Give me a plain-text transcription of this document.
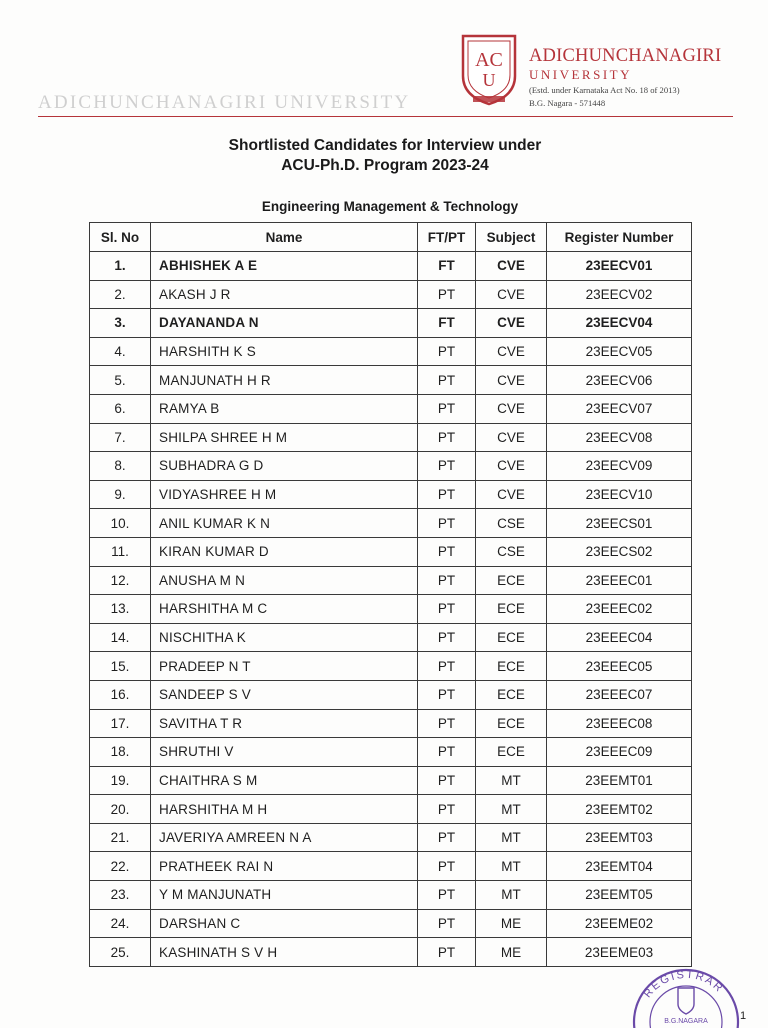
ADICHUNCHANAGIRI UNIVERSITY
AC
U
ADICHUNCHANAGIRI
UNIVERSITY
(Estd. under Karnataka Act No. 18 of 2013)
B.G. Nagara - 571448
Shortlisted Candidates for Interview under
ACU-Ph.D. Program 2023-24
Engineering Management & Technology
Sl. No	Name	FT/PT	Subject	Register Number
1.	ABHISHEK A E	FT	CVE	23EECV01
2.	AKASH J R	PT	CVE	23EECV02
3.	DAYANANDA N	FT	CVE	23EECV04
4.	HARSHITH K S	PT	CVE	23EECV05
5.	MANJUNATH H R	PT	CVE	23EECV06
6.	RAMYA B	PT	CVE	23EECV07
7.	SHILPA SHREE H M	PT	CVE	23EECV08
8.	SUBHADRA G D	PT	CVE	23EECV09
9.	VIDYASHREE H M	PT	CVE	23EECV10
10.	ANIL KUMAR K N	PT	CSE	23EECS01
11.	KIRAN KUMAR D	PT	CSE	23EECS02
12.	ANUSHA M N	PT	ECE	23EEEC01
13.	HARSHITHA M C	PT	ECE	23EEEC02
14.	NISCHITHA K	PT	ECE	23EEEC04
15.	PRADEEP N T	PT	ECE	23EEEC05
16.	SANDEEP S V	PT	ECE	23EEEC07
17.	SAVITHA T R	PT	ECE	23EEEC08
18.	SHRUTHI V	PT	ECE	23EEEC09
19.	CHAITHRA S M	PT	MT	23EEMT01
20.	HARSHITHA M H	PT	MT	23EEMT02
21.	JAVERIYA AMREEN N A	PT	MT	23EEMT03
22.	PRATHEEK RAI N	PT	MT	23EEMT04
23.	Y M MANJUNATH	PT	MT	23EEMT05
24.	DARSHAN C	PT	ME	23EEME02
25.	KASHINATH S V H	PT	ME	23EEME03
REGISTRAR
B.G.NAGARA	1
